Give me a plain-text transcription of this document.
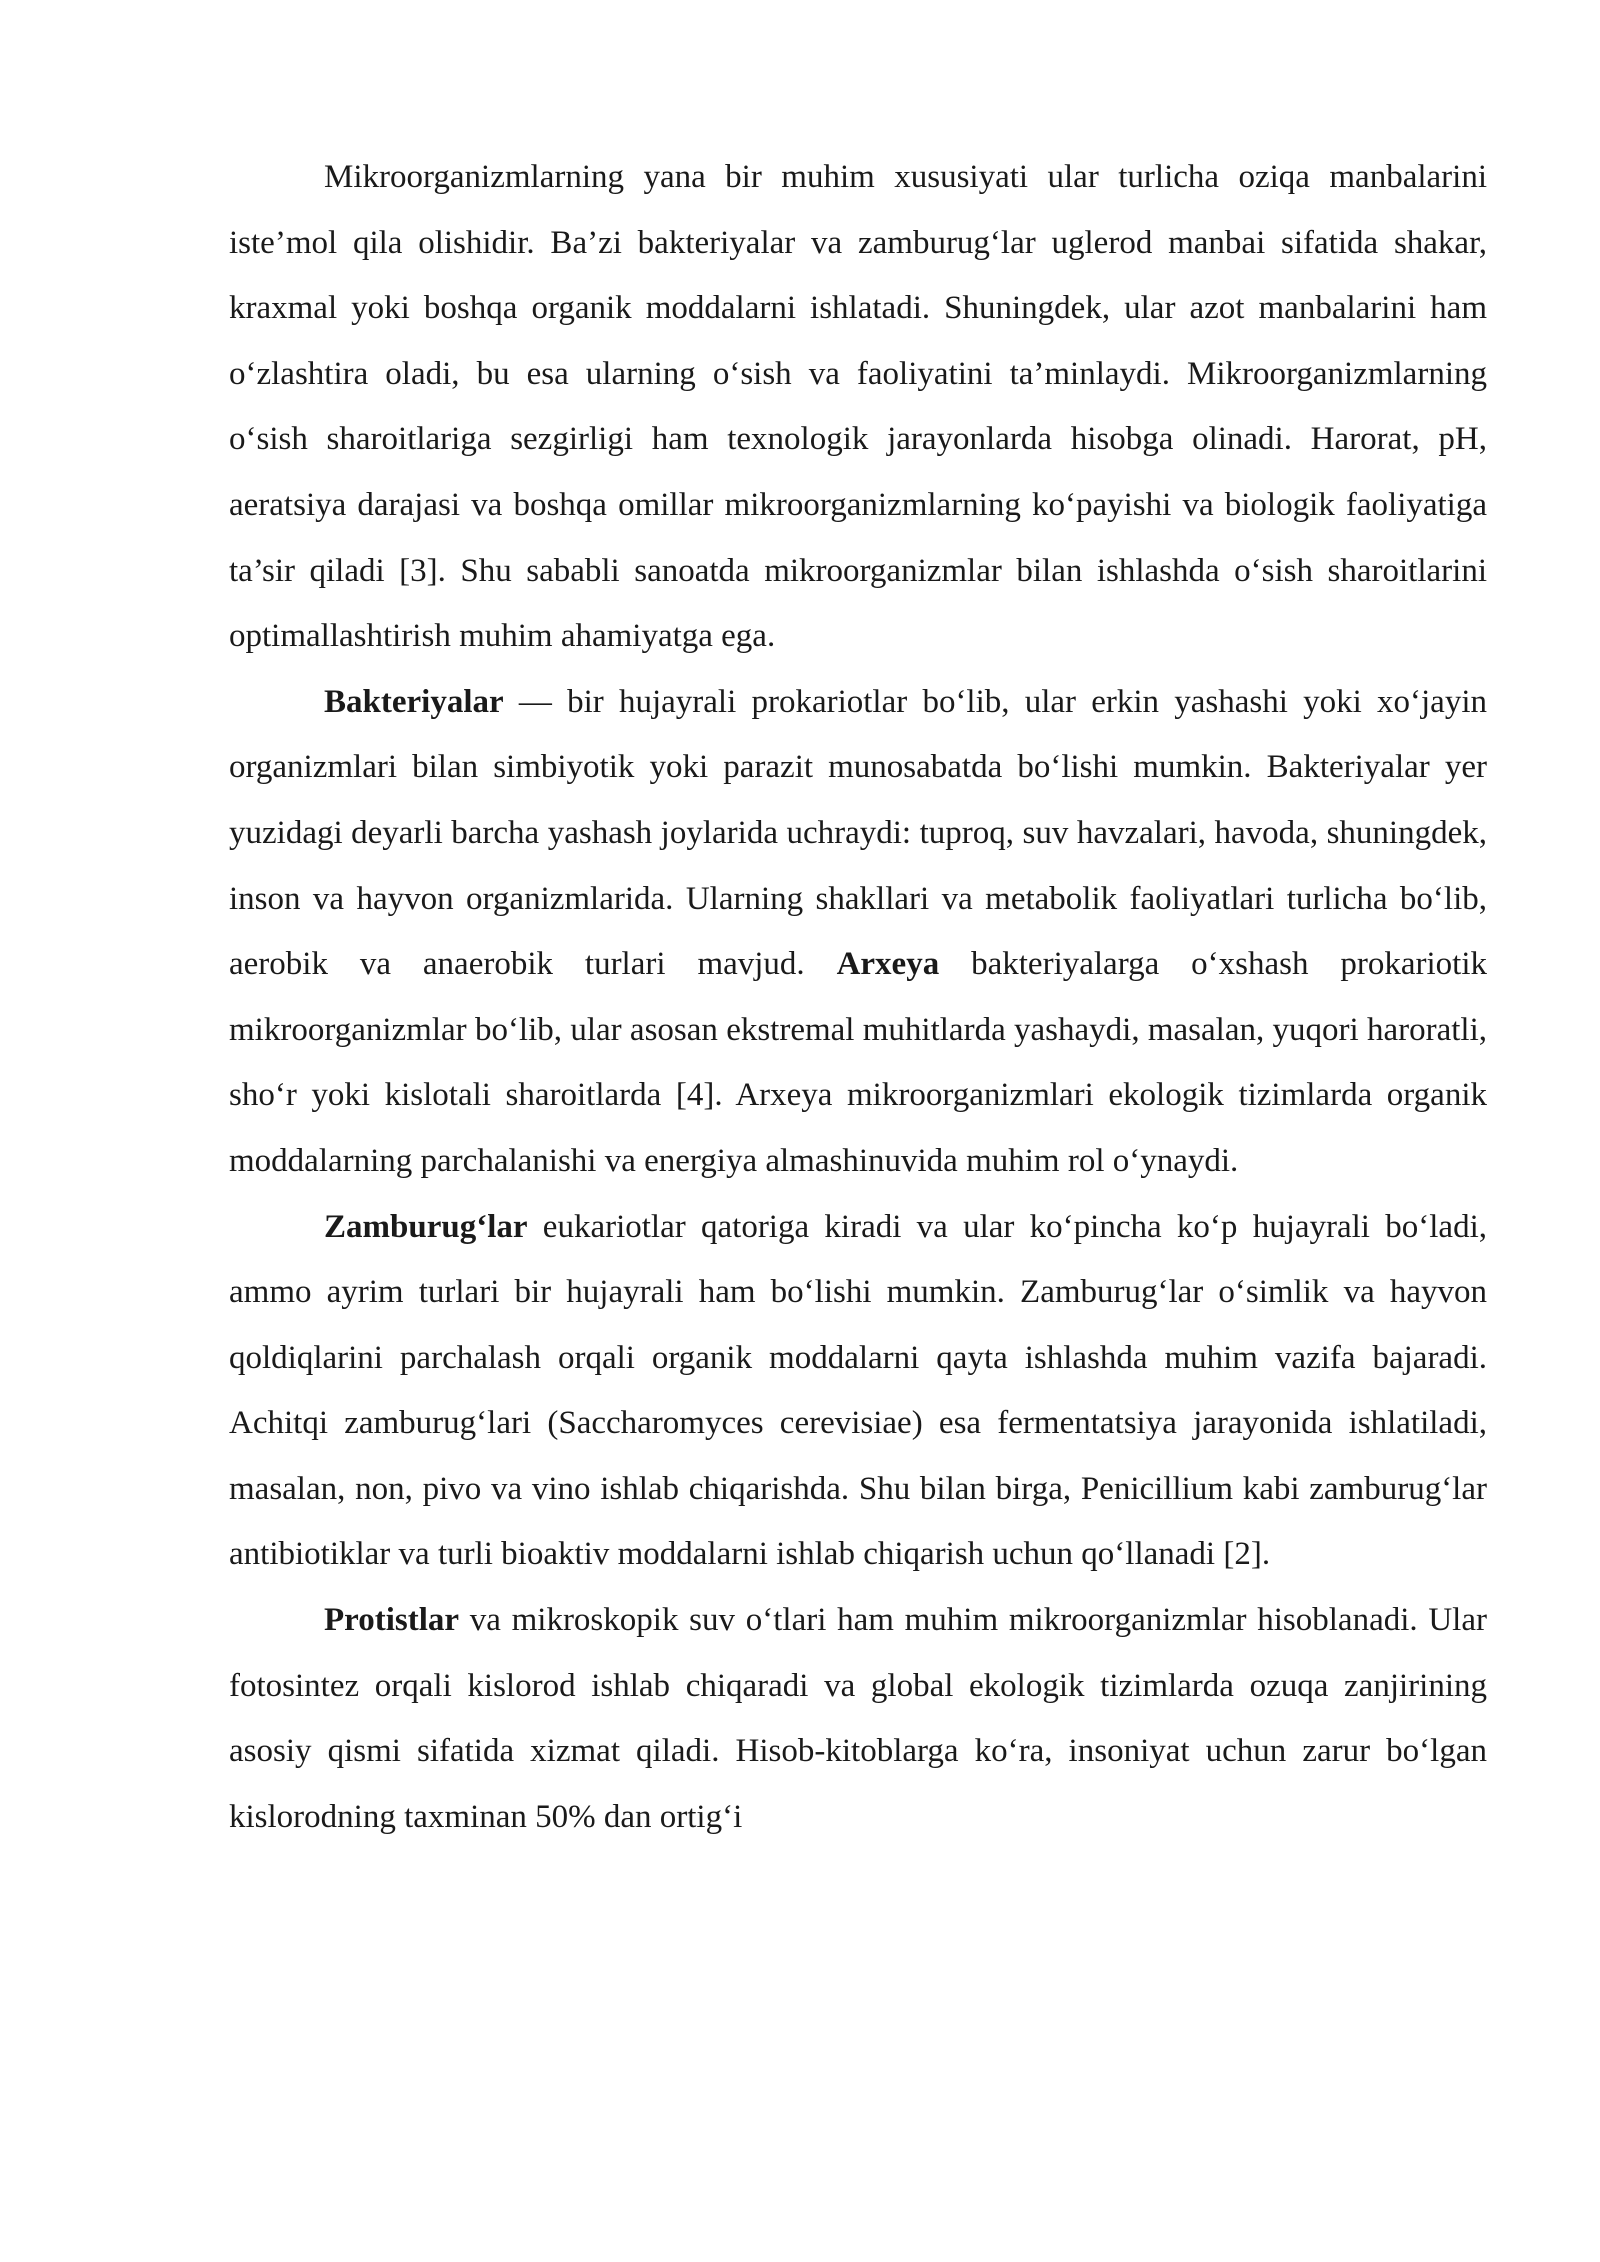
Mikroorganizmlarning yana bir muhim xususiyati ular turlicha oziqa manbalarini iste’mol qila olishidir. Ba’zi bakteriyalar va zamburug‘lar uglerod manbai sifatida shakar, kraxmal yoki boshqa organik moddalarni ishlatadi. Shuningdek, ular azot manbalarini ham o‘zlashtira oladi, bu esa ularning o‘sish va faoliyatini ta’minlaydi. Mikroorganizmlarning o‘sish sharoitlariga sezgirligi ham texnologik jarayonlarda hisobga olinadi. Harorat, pH, aeratsiya darajasi va boshqa omillar mikroorganizmlarning ko‘payishi va biologik faoliyatiga ta’sir qiladi [3]. Shu sababli sanoatda mikroorganizmlar bilan ishlashda o‘sish sharoitlarini optimallashtirish muhim ahamiyatga ega.

Bakteriyalar — bir hujayrali prokariotlar bo‘lib, ular erkin yashashi yoki xo‘jayin organizmlari bilan simbiyotik yoki parazit munosabatda bo‘lishi mumkin. Bakteriyalar yer yuzidagi deyarli barcha yashash joylarida uchraydi: tuproq, suv havzalari, havoda, shuningdek, inson va hayvon organizmlarida. Ularning shakllari va metabolik faoliyatlari turlicha bo‘lib, aerobik va anaerobik turlari mavjud. Arxeya bakteriyalarga o‘xshash prokariotik mikroorganizmlar bo‘lib, ular asosan ekstremal muhitlarda yashaydi, masalan, yuqori haroratli, sho‘r yoki kislotali sharoitlarda [4]. Arxeya mikroorganizmlari ekologik tizimlarda organik moddalarning parchalanishi va energiya almashinuvida muhim rol o‘ynaydi.

Zamburug‘lar eukariotlar qatoriga kiradi va ular ko‘pincha ko‘p hujayrali bo‘ladi, ammo ayrim turlari bir hujayrali ham bo‘lishi mumkin. Zamburug‘lar o‘simlik va hayvon qoldiqlarini parchalash orqali organik moddalarni qayta ishlashda muhim vazifa bajaradi. Achitqi zamburug‘lari (Saccharomyces cerevisiae) esa fermentatsiya jarayonida ishlatiladi, masalan, non, pivo va vino ishlab chiqarishda. Shu bilan birga, Penicillium kabi zamburug‘lar antibiotiklar va turli bioaktiv moddalarni ishlab chiqarish uchun qo‘llanadi [2].

Protistlar va mikroskopik suv o‘tlari ham muhim mikroorganizmlar hisoblanadi. Ular fotosintez orqali kislorod ishlab chiqaradi va global ekologik tizimlarda ozuqa zanjirining asosiy qismi sifatida xizmat qiladi. Hisob-kitoblarga ko‘ra, insoniyat uchun zarur bo‘lgan kislorodning taxminan 50% dan ortig‘i
